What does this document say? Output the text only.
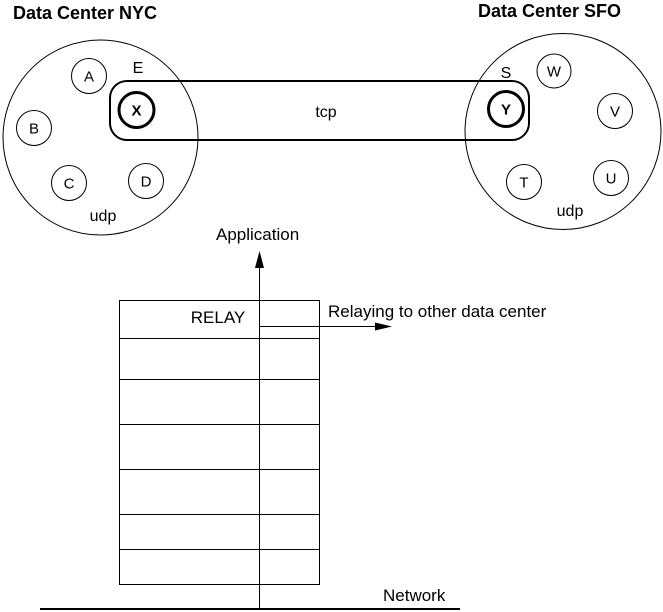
Data Center NYC	Data Center SFO
udp
A
B
C	D
udp
W
V
T	U
tcp
E
X
S
Y
Application
RELAY	Relaying to other data center
Network
